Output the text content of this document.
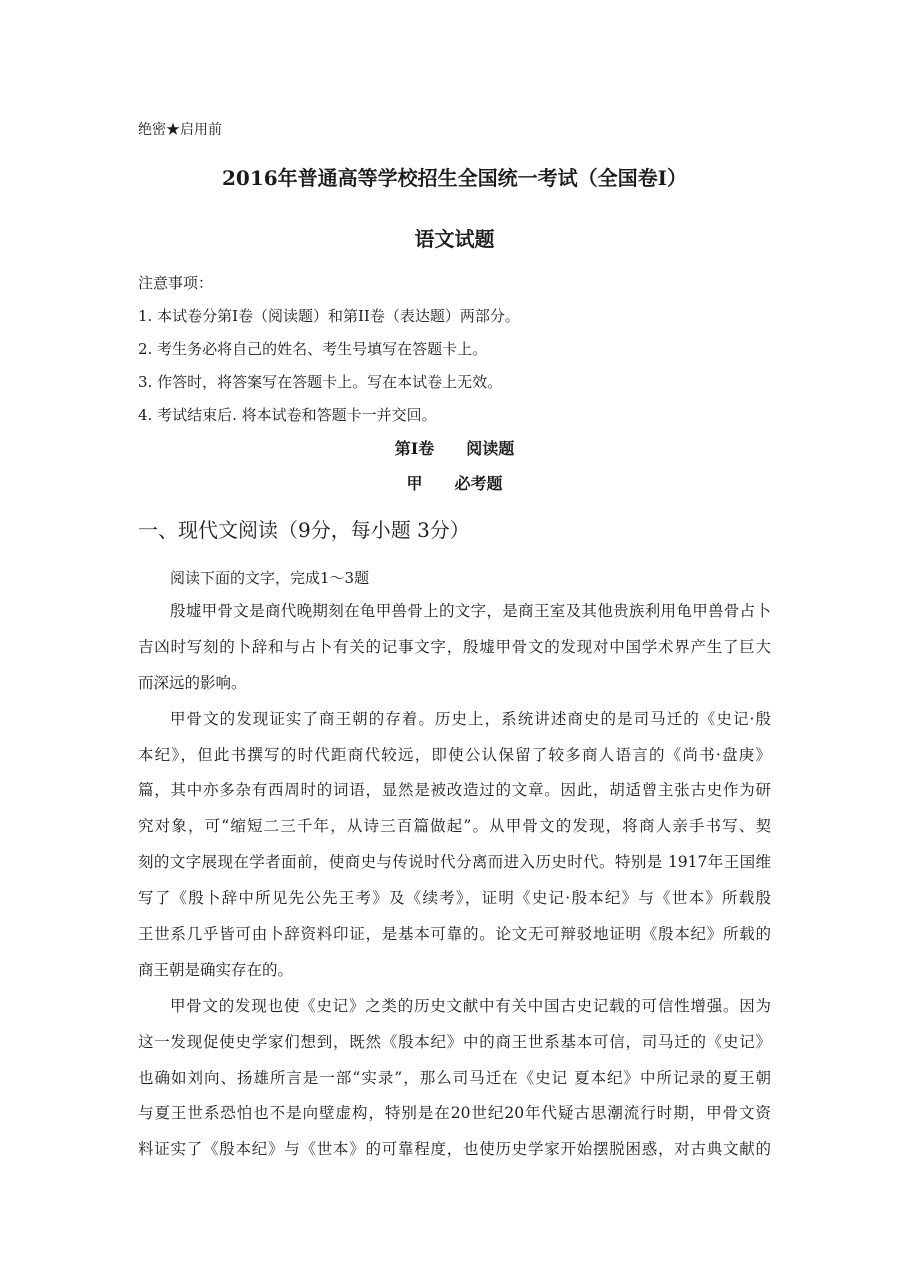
绝密★启用前
2016年普通高等学校招生全国统一考试（全国卷Ⅰ）
语文试题
注意事项：
1. 本试卷分第Ⅰ卷（阅读题）和第II卷（表达题）两部分。
2. 考生务必将自己的姓名、考生号填写在答题卡上。
3. 作答时，将答案写在答题卡上。写在本试卷上无效。
4. 考试结束后. 将本试卷和答题卡一并交回。
第Ⅰ卷　　阅读题
甲　　必考题
一、现代文阅读（9分，每小题 3分）
阅读下面的文字，完成1～3题
殷墟甲骨文是商代晚期刻在龟甲兽骨上的文字，是商王室及其他贵族利用龟甲兽骨占卜
吉凶时写刻的卜辞和与占卜有关的记事文字，殷墟甲骨文的发现对中国学术界产生了巨大
而深远的影响。
甲骨文的发现证实了商王朝的存着。历史上，系统讲述商史的是司马迁的《史记·殷
本纪》，但此书撰写的时代距商代较远，即使公认保留了较多商人语言的《尚书·盘庚》
篇，其中亦多杂有西周时的词语，显然是被改造过的文章。因此，胡适曾主张古史作为研
究对象，可“缩短二三千年，从诗三百篇做起”。从甲骨文的发现，将商人亲手书写、契
刻的文字展现在学者面前，使商史与传说时代分离而进入历史时代。特别是 1917年王国维
写了《殷卜辞中所见先公先王考》及《续考》，证明《史记·殷本纪》与《世本》所载殷
王世系几乎皆可由卜辞资料印证，是基本可靠的。论文无可辩驳地证明《殷本纪》所载的
商王朝是确实存在的。
甲骨文的发现也使《史记》之类的历史文献中有关中国古史记载的可信性增强。因为
这一发现促使史学家们想到，既然《殷本纪》中的商王世系基本可信，司马迁的《史记》
也确如刘向、扬雄所言是一部“实录”，那么司马迁在《史记 夏本纪》中所记录的夏王朝
与夏王世系恐怕也不是向壁虚构，特别是在20世纪20年代疑古思潮流行时期，甲骨文资
料证实了《殷本纪》与《世本》的可靠程度，也使历史学家开始摆脱困惑，对古典文献的
